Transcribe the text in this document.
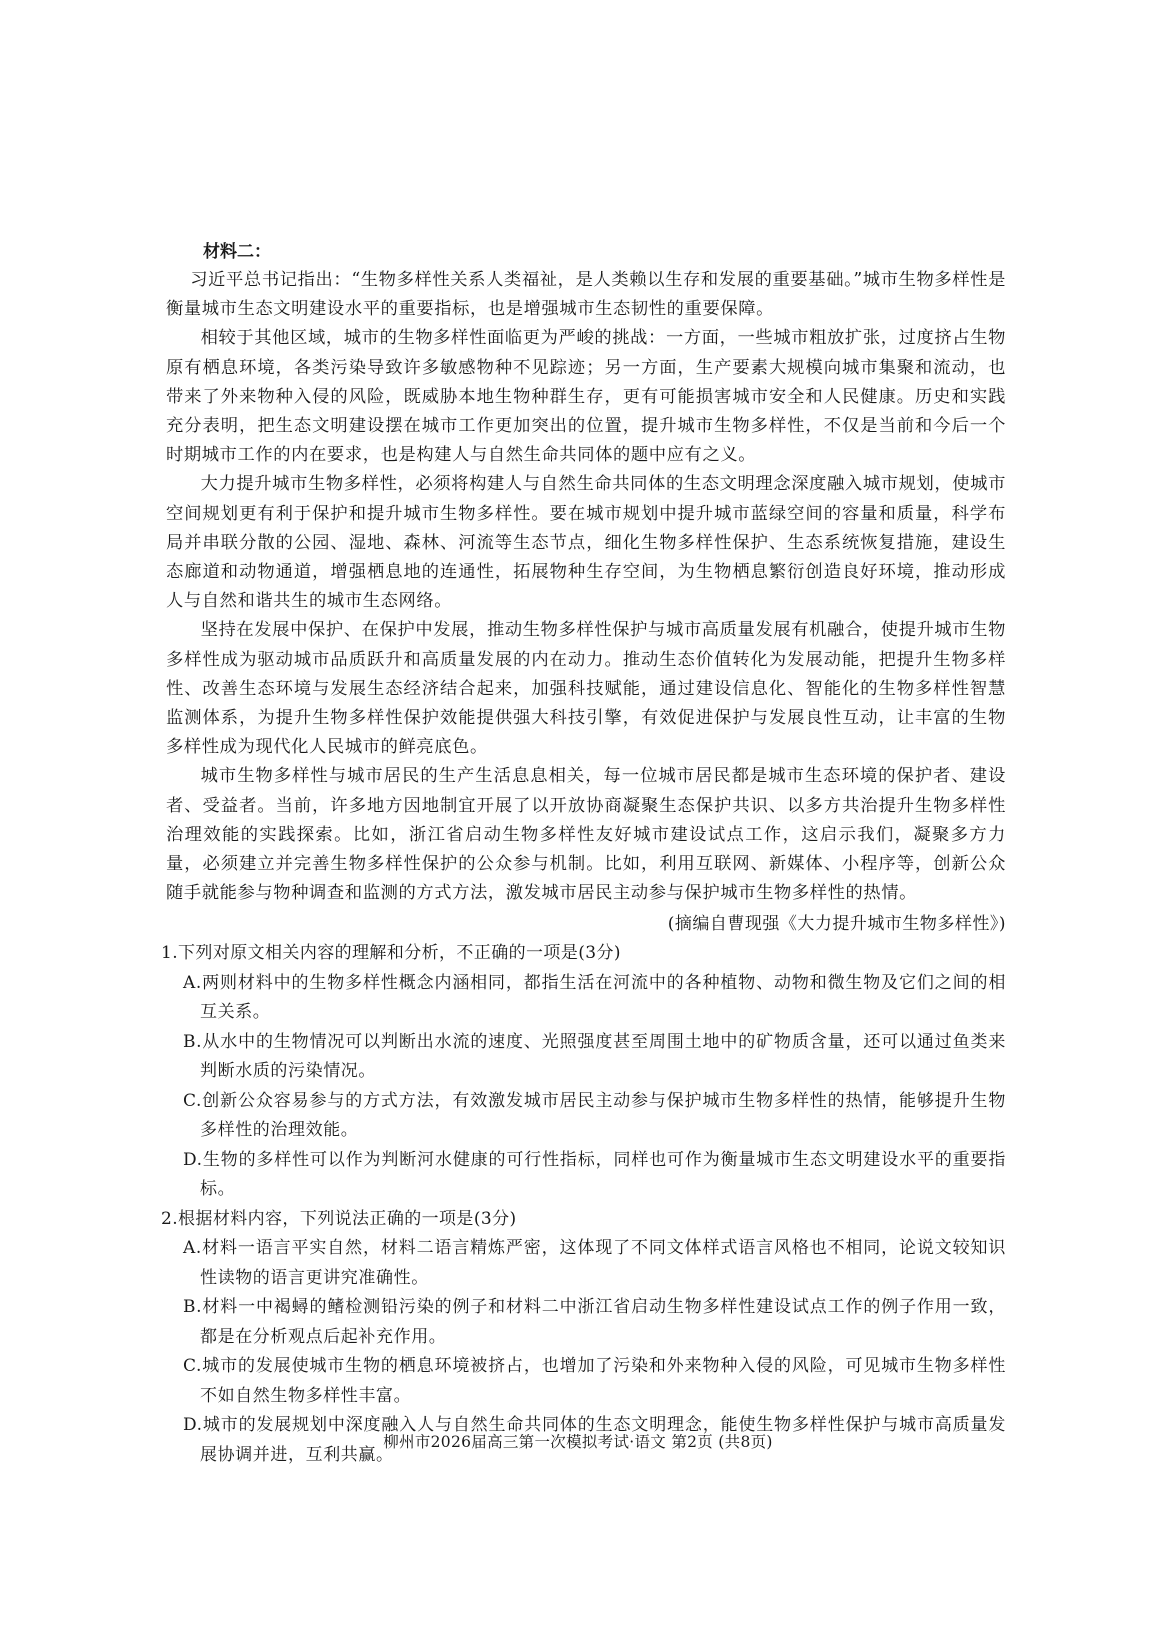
材料二：

习近平总书记指出：“生物多样性关系人类福祉，是人类赖以生存和发展的重要基础。”城市生物多样性是衡量城市生态文明建设水平的重要指标，也是增强城市生态韧性的重要保障。

相较于其他区域，城市的生物多样性面临更为严峻的挑战：一方面，一些城市粗放扩张，过度挤占生物原有栖息环境，各类污染导致许多敏感物种不见踪迹；另一方面，生产要素大规模向城市集聚和流动，也带来了外来物种入侵的风险，既威胁本地生物种群生存，更有可能损害城市安全和人民健康。历史和实践充分表明，把生态文明建设摆在城市工作更加突出的位置，提升城市生物多样性，不仅是当前和今后一个时期城市工作的内在要求，也是构建人与自然生命共同体的题中应有之义。

大力提升城市生物多样性，必须将构建人与自然生命共同体的生态文明理念深度融入城市规划，使城市空间规划更有利于保护和提升城市生物多样性。要在城市规划中提升城市蓝绿空间的容量和质量，科学布局并串联分散的公园、湿地、森林、河流等生态节点，细化生物多样性保护、生态系统恢复措施，建设生态廊道和动物通道，增强栖息地的连通性，拓展物种生存空间，为生物栖息繁衍创造良好环境，推动形成人与自然和谐共生的城市生态网络。

坚持在发展中保护、在保护中发展，推动生物多样性保护与城市高质量发展有机融合，使提升城市生物多样性成为驱动城市品质跃升和高质量发展的内在动力。推动生态价值转化为发展动能，把提升生物多样性、改善生态环境与发展生态经济结合起来，加强科技赋能，通过建设信息化、智能化的生物多样性智慧监测体系，为提升生物多样性保护效能提供强大科技引擎，有效促进保护与发展良性互动，让丰富的生物多样性成为现代化人民城市的鲜亮底色。

城市生物多样性与城市居民的生产生活息息相关，每一位城市居民都是城市生态环境的保护者、建设者、受益者。当前，许多地方因地制宜开展了以开放协商凝聚生态保护共识、以多方共治提升生物多样性治理效能的实践探索。比如，浙江省启动生物多样性友好城市建设试点工作，这启示我们，凝聚多方力量，必须建立并完善生物多样性保护的公众参与机制。比如，利用互联网、新媒体、小程序等，创新公众随手就能参与物种调查和监测的方式方法，激发城市居民主动参与保护城市生物多样性的热情。

(摘编自曹现强《大力提升城市生物多样性》)
1.下列对原文相关内容的理解和分析，不正确的一项是(3分)
A.两则材料中的生物多样性概念内涵相同，都指生活在河流中的各种植物、动物和微生物及它们之间的相互关系。
B.从水中的生物情况可以判断出水流的速度、光照强度甚至周围土地中的矿物质含量，还可以通过鱼类来判断水质的污染情况。
C.创新公众容易参与的方式方法，有效激发城市居民主动参与保护城市生物多样性的热情，能够提升生物多样性的治理效能。
D.生物的多样性可以作为判断河水健康的可行性指标，同样也可作为衡量城市生态文明建设水平的重要指标。
2.根据材料内容，下列说法正确的一项是(3分)
A.材料一语言平实自然，材料二语言精炼严密，这体现了不同文体样式语言风格也不相同，论说文较知识性读物的语言更讲究准确性。
B.材料一中褐蟳的鳍检测铅污染的例子和材料二中浙江省启动生物多样性建设试点工作的例子作用一致，都是在分析观点后起补充作用。
C.城市的发展使城市生物的栖息环境被挤占，也增加了污染和外来物种入侵的风险，可见城市生物多样性不如自然生物多样性丰富。
D.城市的发展规划中深度融入人与自然生命共同体的生态文明理念，能使生物多样性保护与城市高质量发展协调并进，互利共赢。
柳州市2026届高三第一次模拟考试·语文 第2页 (共8页)
